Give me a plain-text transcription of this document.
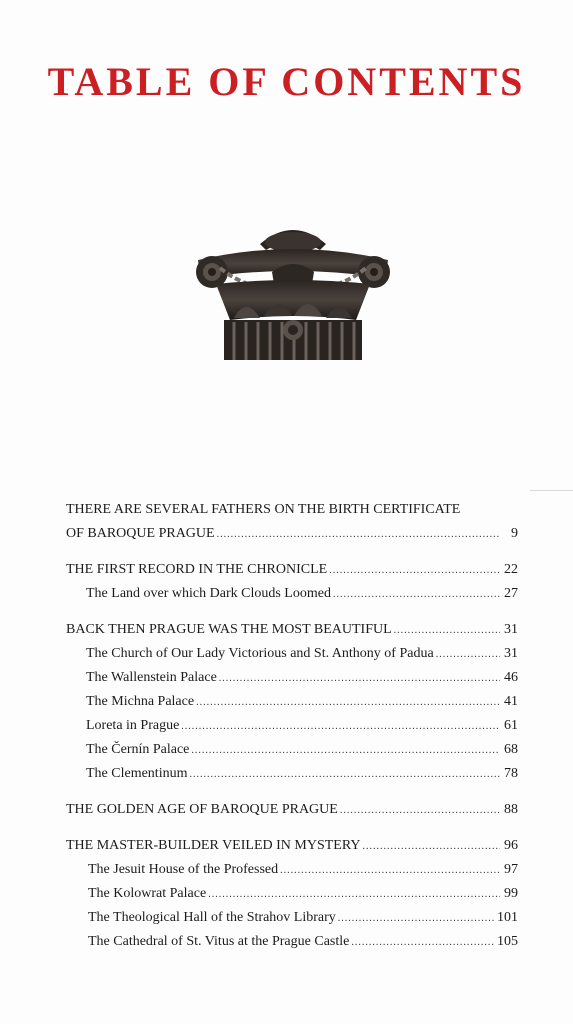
TABLE OF CONTENTS
THERE ARE SEVERAL FATHERS ON THE BIRTH CERTIFICATE
OF BAROQUE PRAGUE .....	9
THE FIRST RECORD IN THE CHRONICLE .....	22
The Land over which Dark Clouds Loomed .....	27
BACK THEN PRAGUE WAS THE MOST BEAUTIFUL .....	31
The Church of Our Lady Victorious and St. Anthony of Padua .....	31
The Wallenstein Palace .....	46
The Michna Palace .....	41
Loreta in Prague .....	61
The Černín Palace .....	68
The Clementinum .....	78
THE GOLDEN AGE OF BAROQUE PRAGUE .....	88
THE MASTER-BUILDER VEILED IN MYSTERY .....	96
The Jesuit House of the Professed .....	97
The Kolowrat Palace .....	99
The Theological Hall of the Strahov Library .....	101
The Cathedral of St. Vitus at the Prague Castle .....	105
